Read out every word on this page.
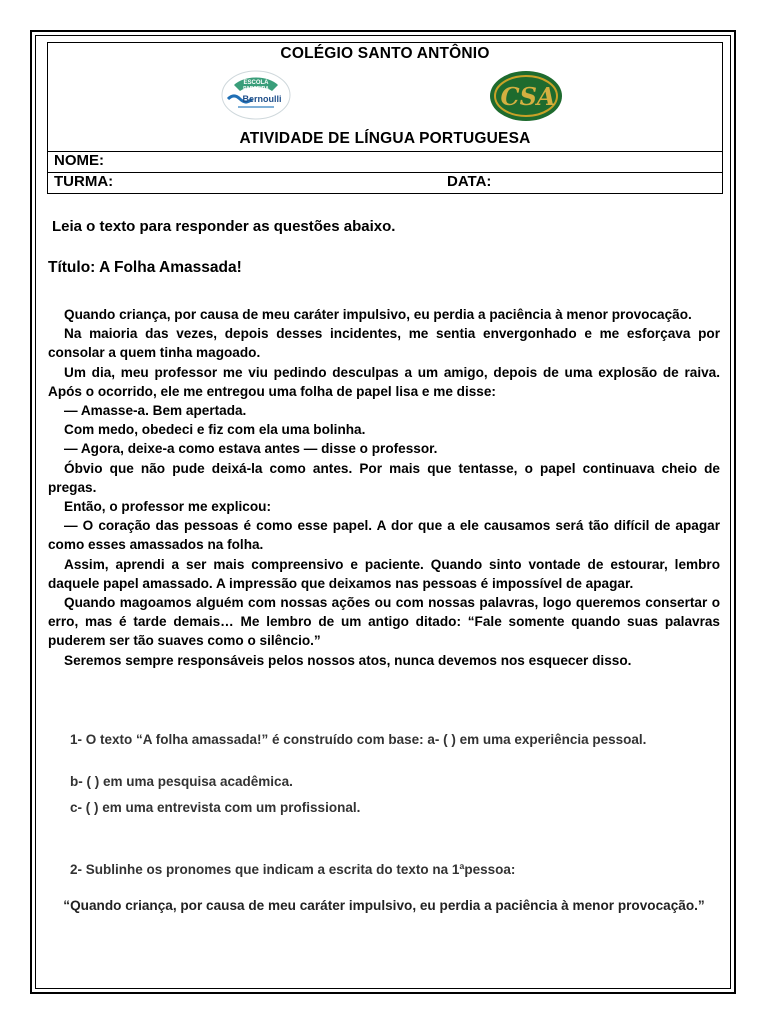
COLÉGIO SANTO ANTÔNIO
ESCOLA
PARCEIRA
Bernoulli	CSA
ATIVIDADE DE LÍNGUA PORTUGUESA
NOME:
TURMA:	DATA:
Leia o texto para responder as questões abaixo.
Título: A Folha Amassada!

Quando criança, por causa de meu caráter impulsivo, eu perdia a paciência à menor provocação.

Na maioria das vezes, depois desses incidentes, me sentia envergonhado e me esforçava por consolar a quem tinha magoado.

Um dia, meu professor me viu pedindo desculpas a um amigo, depois de uma explosão de raiva. Após o ocorrido, ele me entregou uma folha de papel lisa e me disse:

— Amasse-a. Bem apertada.

Com medo, obedeci e fiz com ela uma bolinha.

— Agora, deixe-a como estava antes — disse o professor.

Óbvio que não pude deixá-la como antes. Por mais que tentasse, o papel continuava cheio de pregas.

Então, o professor me explicou:

— O coração das pessoas é como esse papel. A dor que a ele causamos será tão difícil de apagar como esses amassados na folha.

Assim, aprendi a ser mais compreensivo e paciente. Quando sinto vontade de estourar, lembro daquele papel amassado. A impressão que deixamos nas pessoas é impossível de apagar.

Quando magoamos alguém com nossas ações ou com nossas palavras, logo queremos consertar o erro, mas é tarde demais… Me lembro de um antigo ditado: “Fale somente quando suas palavras puderem ser tão suaves como o silêncio.”

Seremos sempre responsáveis pelos nossos atos, nunca devemos nos esquecer disso.

1- O texto “A folha amassada!” é construído com base: a- ( ) em uma experiência pessoal.
b- ( ) em uma pesquisa acadêmica.
c- ( ) em uma entrevista com um profissional.
2- Sublinhe os pronomes que indicam a escrita do texto na 1ªpessoa:
“Quando criança, por causa de meu caráter impulsivo, eu perdia a paciência à menor provocação.”
